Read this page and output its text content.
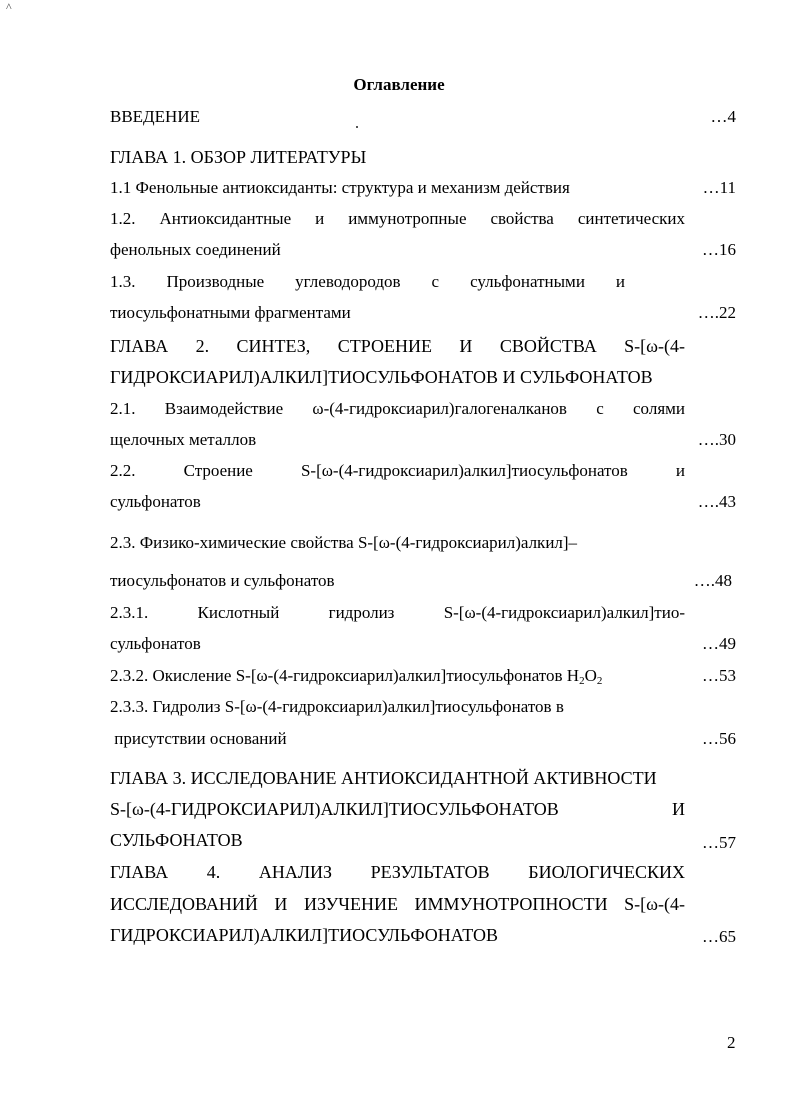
^
Оглавление
ВВЕДЕНИЕ	…4
ГЛАВА 1. ОБЗОР ЛИТЕРАТУРЫ
1.1 Фенольные антиоксиданты: структура и механизм действия	…11
1.2. Антиоксидантные и иммунотропные свойства синтетических
фенольных соединений	…16
1.3. Производные углеводородов с сульфонатными и
тиосульфонатными фрагментами	….22
ГЛАВА 2. СИНТЕЗ, СТРОЕНИЕ И СВОЙСТВА S-[ω-(4-
ГИДРОКСИАРИЛ)АЛКИЛ]ТИОСУЛЬФОНАТОВ И СУЛЬФОНАТОВ
2.1. Взаимодействие ω-(4-гидроксиарил)галогеналканов с солями
щелочных металлов	….30
2.2. Строение S-[ω-(4-гидроксиарил)алкил]тиосульфонатов и
сульфонатов	….43
2.3. Физико-химические свойства S-[ω-(4-гидроксиарил)алкил]–
тиосульфонатов и сульфонатов	….48
2.3.1. Кислотный гидролиз S-[ω-(4-гидроксиарил)алкил]тио-
сульфонатов	…49
2.3.2. Окисление S-[ω-(4-гидроксиарил)алкил]тиосульфонатов $H_2O_2$	…53
2.3.3. Гидролиз S-[ω-(4-гидроксиарил)алкил]тиосульфонатов в
присутствии оснований	…56
ГЛАВА 3. ИССЛЕДОВАНИЕ АНТИОКСИДАНТНОЙ АКТИВНОСТИ
S-[ω-(4-ГИДРОКСИАРИЛ)АЛКИЛ]ТИОСУЛЬФОНАТОВ И
СУЛЬФОНАТОВ	…57
ГЛАВА 4. АНАЛИЗ РЕЗУЛЬТАТОВ БИОЛОГИЧЕСКИХ
ИССЛЕДОВАНИЙ И ИЗУЧЕНИЕ ИММУНОТРОПНОСТИ S-[ω-(4-
ГИДРОКСИАРИЛ)АЛКИЛ]ТИОСУЛЬФОНАТОВ	…65
2
